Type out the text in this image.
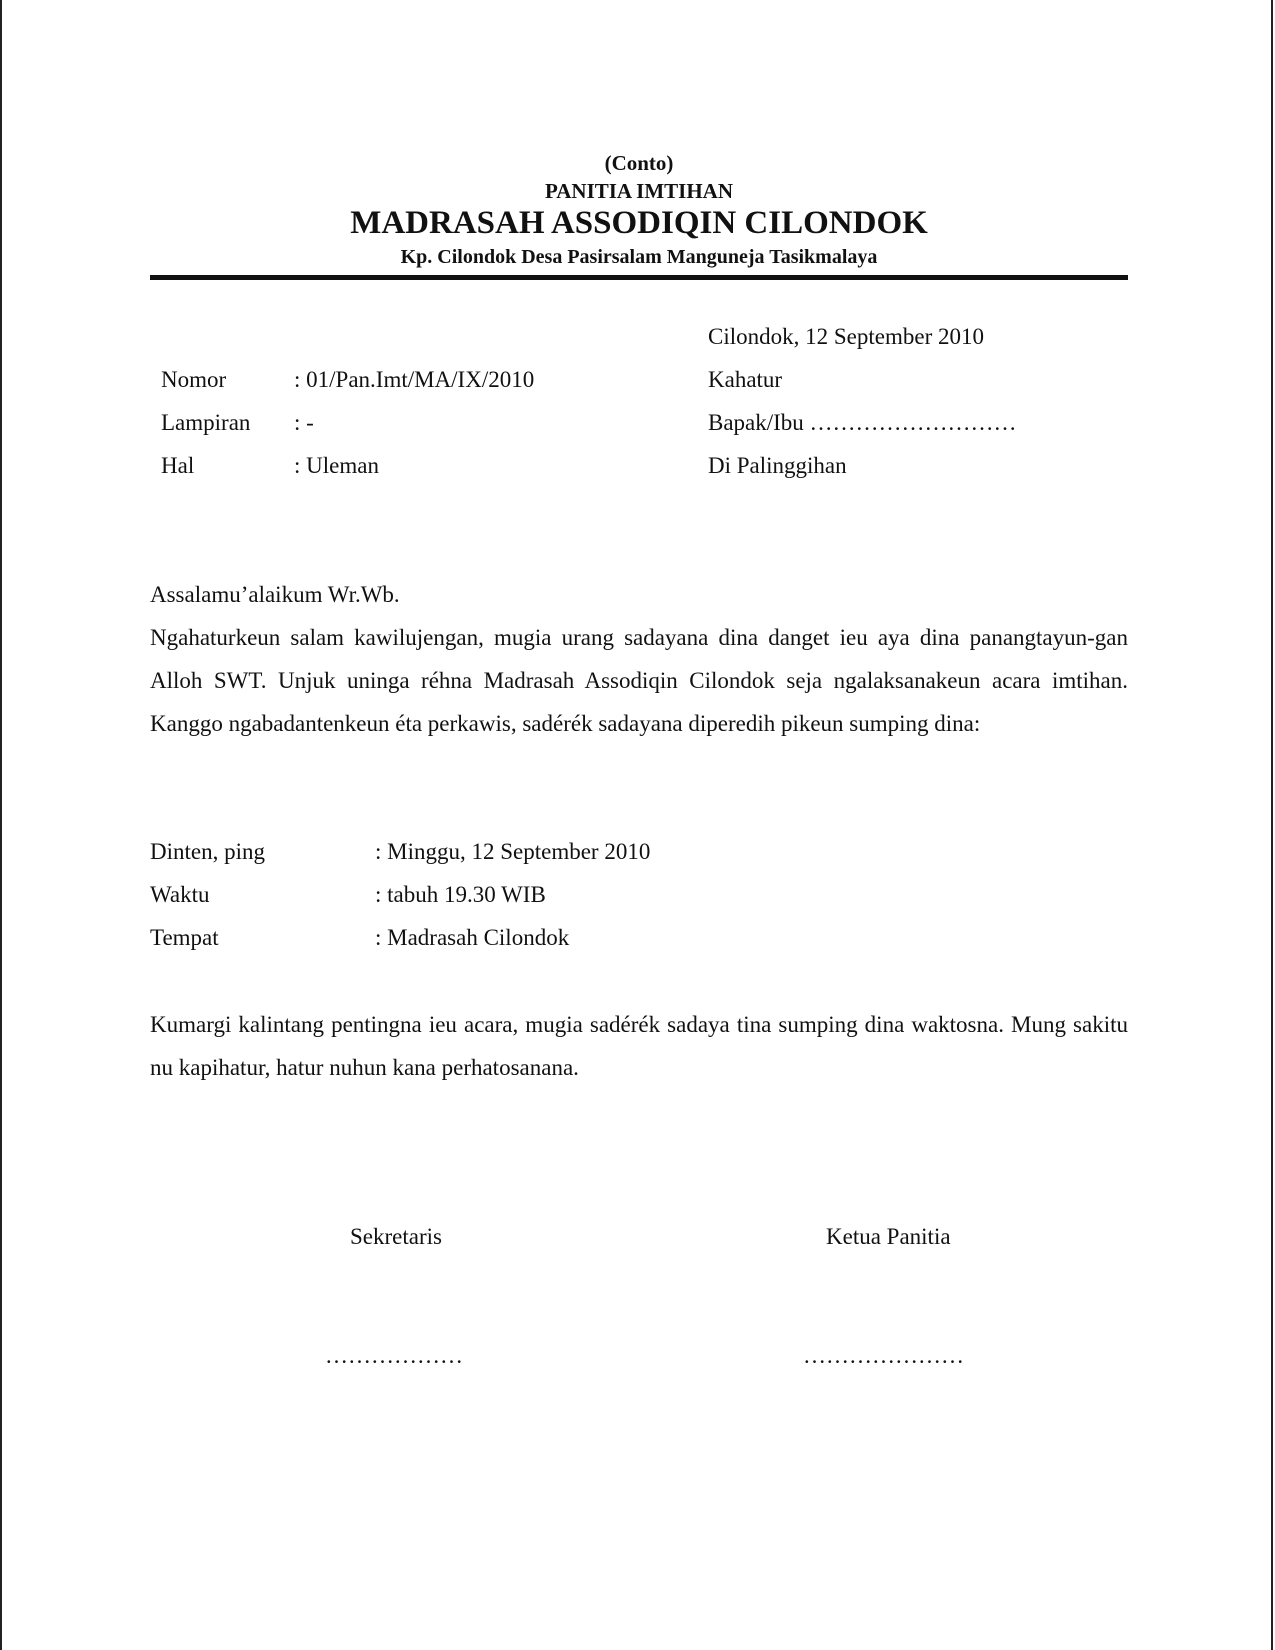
(Conto)
PANITIA IMTIHAN
MADRASAH ASSODIQIN CILONDOK
Kp. Cilondok Desa Pasirsalam Manguneja Tasikmalaya
Nomor	: 01/Pan.Imt/MA/IX/2010
Lampiran : -
Hal	: Uleman
Cilondok, 12 September 2010
Kahatur
Bapak/Ibu ………………………
Di Palinggihan
Assalamu’alaikum Wr.Wb.
Ngahaturkeun salam kawilujengan, mugia urang sadayana dina danget ieu aya dina panangtayun-gan Alloh SWT. Unjuk uninga réhna Madrasah Assodiqin Cilondok seja ngalaksanakeun acara imtihan. Kanggo ngabadantenkeun éta perkawis, sadérék sadayana diperedih pikeun sumping dina:
Dinten, ping	: Minggu, 12 September 2010
Waktu	: tabuh 19.30 WIB
Tempat	: Madrasah Cilondok
Kumargi kalintang pentingna ieu acara, mugia sadérék sadaya tina sumping dina waktosna. Mung sakitu nu kapihatur, hatur nuhun kana perhatosanana.
Sekretaris	Ketua Panitia
………………	…………………
